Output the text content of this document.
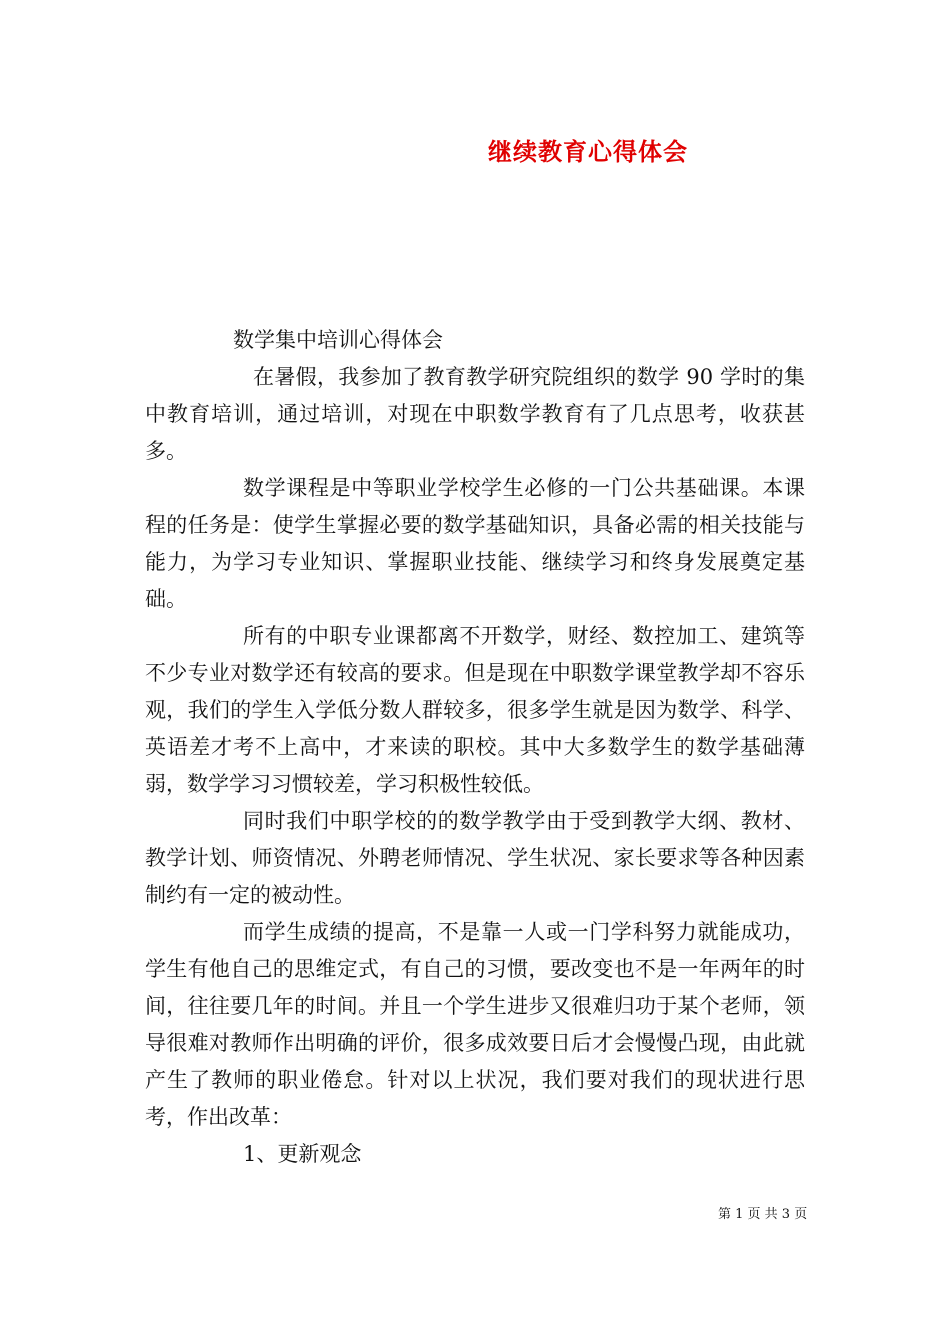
继续教育心得体会

数学集中培训心得体会

在暑假，我参加了教育教学研究院组织的数学 90 学时的集中教育培训，通过培训，对现在中职数学教育有了几点思考，收获甚多。

数学课程是中等职业学校学生必修的一门公共基础课。本课程的任务是：使学生掌握必要的数学基础知识，具备必需的相关技能与能力，为学习专业知识、掌握职业技能、继续学习和终身发展奠定基础。

所有的中职专业课都离不开数学，财经、数控加工、建筑等不少专业对数学还有较高的要求。但是现在中职数学课堂教学却不容乐观，我们的学生入学低分数人群较多，很多学生就是因为数学、科学、英语差才考不上高中，才来读的职校。其中大多数学生的数学基础薄弱，数学学习习惯较差，学习积极性较低。

同时我们中职学校的的数学教学由于受到教学大纲、教材、教学计划、师资情况、外聘老师情况、学生状况、家长要求等各种因素制约有一定的被动性。

而学生成绩的提高，不是靠一人或一门学科努力就能成功，学生有他自己的思维定式，有自己的习惯，要改变也不是一年两年的时间，往往要几年的时间。并且一个学生进步又很难归功于某个老师，领导很难对教师作出明确的评价，很多成效要日后才会慢慢凸现，由此就产生了教师的职业倦怠。针对以上状况，我们要对我们的现状进行思考，作出改革：

1、更新观念

第 1 页 共 3 页
